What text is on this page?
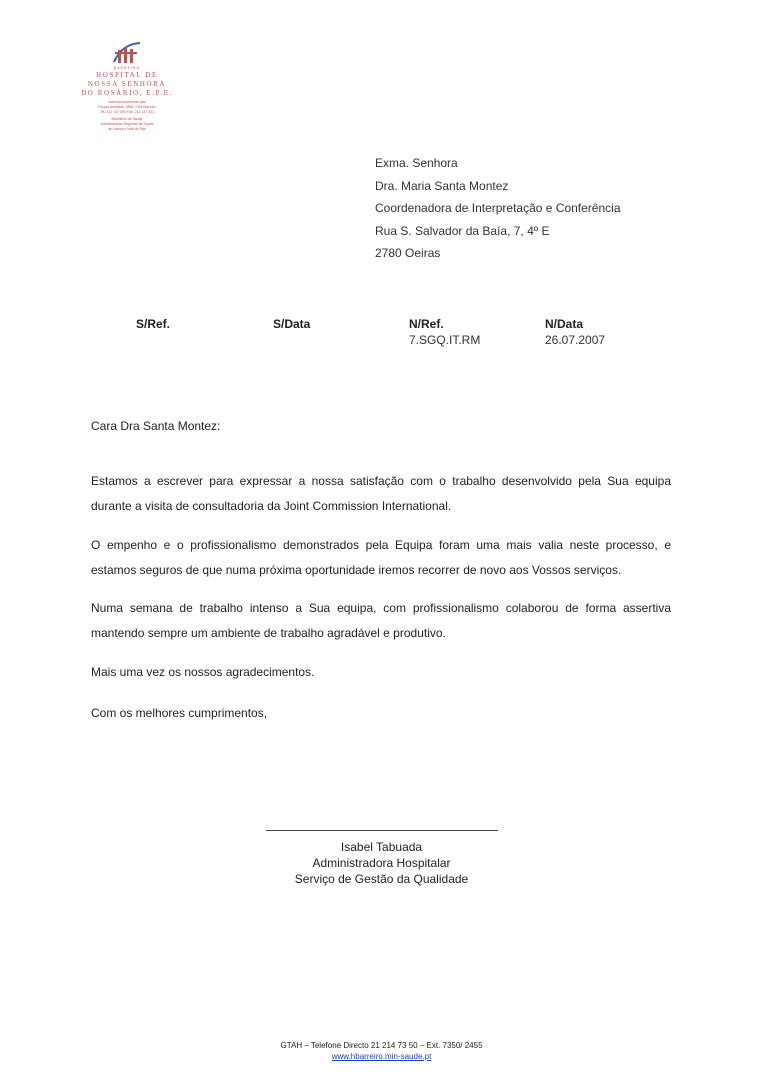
BARREIRO
HOSPITAL DE
NOSSA SENHORA
DO ROSÁRIO, E.P.E.
Avenida Movimento das
Forças Armadas, 2830 / 094 Barreiro
Tel. 212 147 300 Fax: 212 147 301
Ministério da Saúde
Administração Regional de Saúde
de Lisboa e Vale do Tejo
Exma. Senhora
Dra. Maria Santa Montez
Coordenadora de Interpretação e Conferência
Rua S. Salvador da Baía, 7, 4º E
2780 Oeiras
S/Ref.	S/Data	N/Ref.
7.SGQ.IT.RM
N/Data
26.07.2007
Cara Dra Santa Montez:
Estamos a escrever para expressar a nossa satisfação com o trabalho desenvolvido pela Sua equipa durante a visita de consultadoria da Joint Commission International.
O empenho e o profissionalismo demonstrados pela Equipa foram uma mais valia neste processo, e estamos seguros de que numa próxima oportunidade iremos recorrer de novo aos Vossos serviços.
Numa semana de trabalho intenso a Sua equipa, com profissionalismo colaborou de forma assertiva mantendo sempre um ambiente de trabalho agradável e produtivo.
Mais uma vez os nossos agradecimentos.
Com os melhores cumprimentos,
Isabel Tabuada
Administradora Hospitalar
Serviço de Gestão da Qualidade
GTAH – Telefone Directo 21 214 73 50 – Ext. 7350/ 2455
www.hbarreiro.min-saude.pt
